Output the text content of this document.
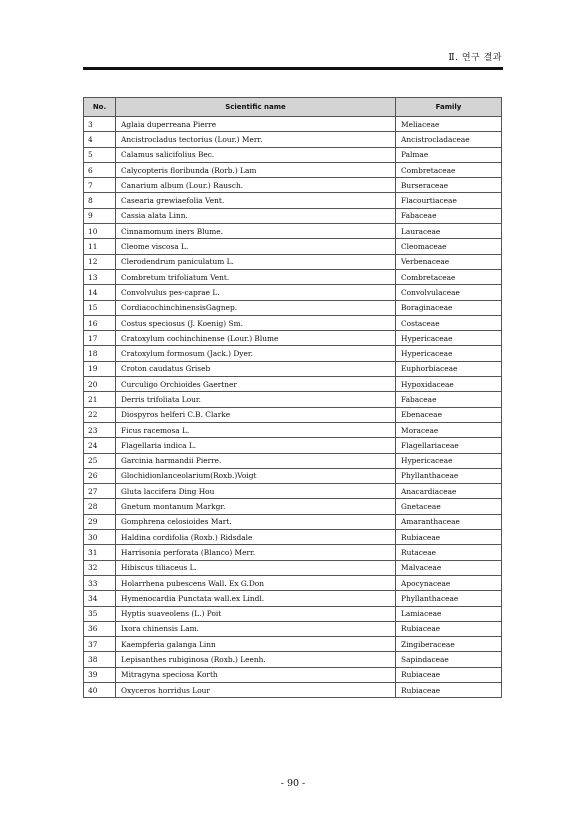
Ⅱ. 연구 결과
No.	Scientific name	Family
3	Aglaia duperreana Pierre	Meliaceae
4	Ancistrocladus tectorius (Lour.) Merr.	Ancistrocladaceae
5	Calamus salicifolius Bec.	Palmae
6	Calycopteris floribunda (Rorb.) Lam	Combretaceae
7	Canarium album (Lour.) Rausch.	Burseraceae
8	Casearia grewiaefolia Vent.	Flacourtiaceae
9	Cassia alata Linn.	Fabaceae
10	Cinnamomum iners Blume.	Lauraceae
11	Cleome viscosa L.	Cleomaceae
12	Clerodendrum paniculatum L.	Verbenaceae
13	Combretum trifoliatum Vent.	Combretaceae
14	Convolvulus pes-caprae L.	Convolvulaceae
15	CordiacochinchinensisGagnep.	Boraginaceae
16	Costus speciosus (J. Koenig) Sm.	Costaceae
17	Cratoxylum cochinchinense (Lour.) Blume	Hypericaceae
18	Cratoxylum formosum (Jack.) Dyer.	Hypericaceae
19	Croton caudatus Griseb	Euphorbiaceae
20	Curculigo Orchioides Gaertner	Hypoxidaceae
21	Derris trifoliata Lour.	Fabaceae
22	Diospyros helferi C.B. Clarke	Ebenaceae
23	Ficus racemosa L.	Moraceae
24	Flagellaria indica L.	Flagellariaceae
25	Garcinia harmandii Pierre.	Hypericaceae
26	Glochidionlanceolarium(Roxb.)Voigt	Phyllanthaceae
27	Gluta laccifera Ding Hou	Anacardiaceae
28	Gnetum montanum Markgr.	Gnetaceae
29	Gomphrena celosioides Mart.	Amaranthaceae
30	Haldina cordifolia (Roxb.) Ridsdale	Rubiaceae
31	Harrisonia perforata (Blanco) Merr.	Rutaceae
32	Hibiscus tiliaceus L.	Malvaceae
33	Holarrhena pubescens Wall. Ex G.Don	Apocynaceae
34	Hymenocardia Punctata wall.ex Lindl.	Phyllanthaceae
35	Hyptis suaveolens (L.) Poit	Lamiaceae
36	Ixora chinensis Lam.	Rubiaceae
37	Kaempferia galanga Linn	Zingiberaceae
38	Lepisanthes rubiginosa (Roxb.) Leenh.	Sapindaceae
39	Mitragyna speciosa Korth	Rubiaceae
40	Oxyceros horridus Lour	Rubiaceae
- 90 -
